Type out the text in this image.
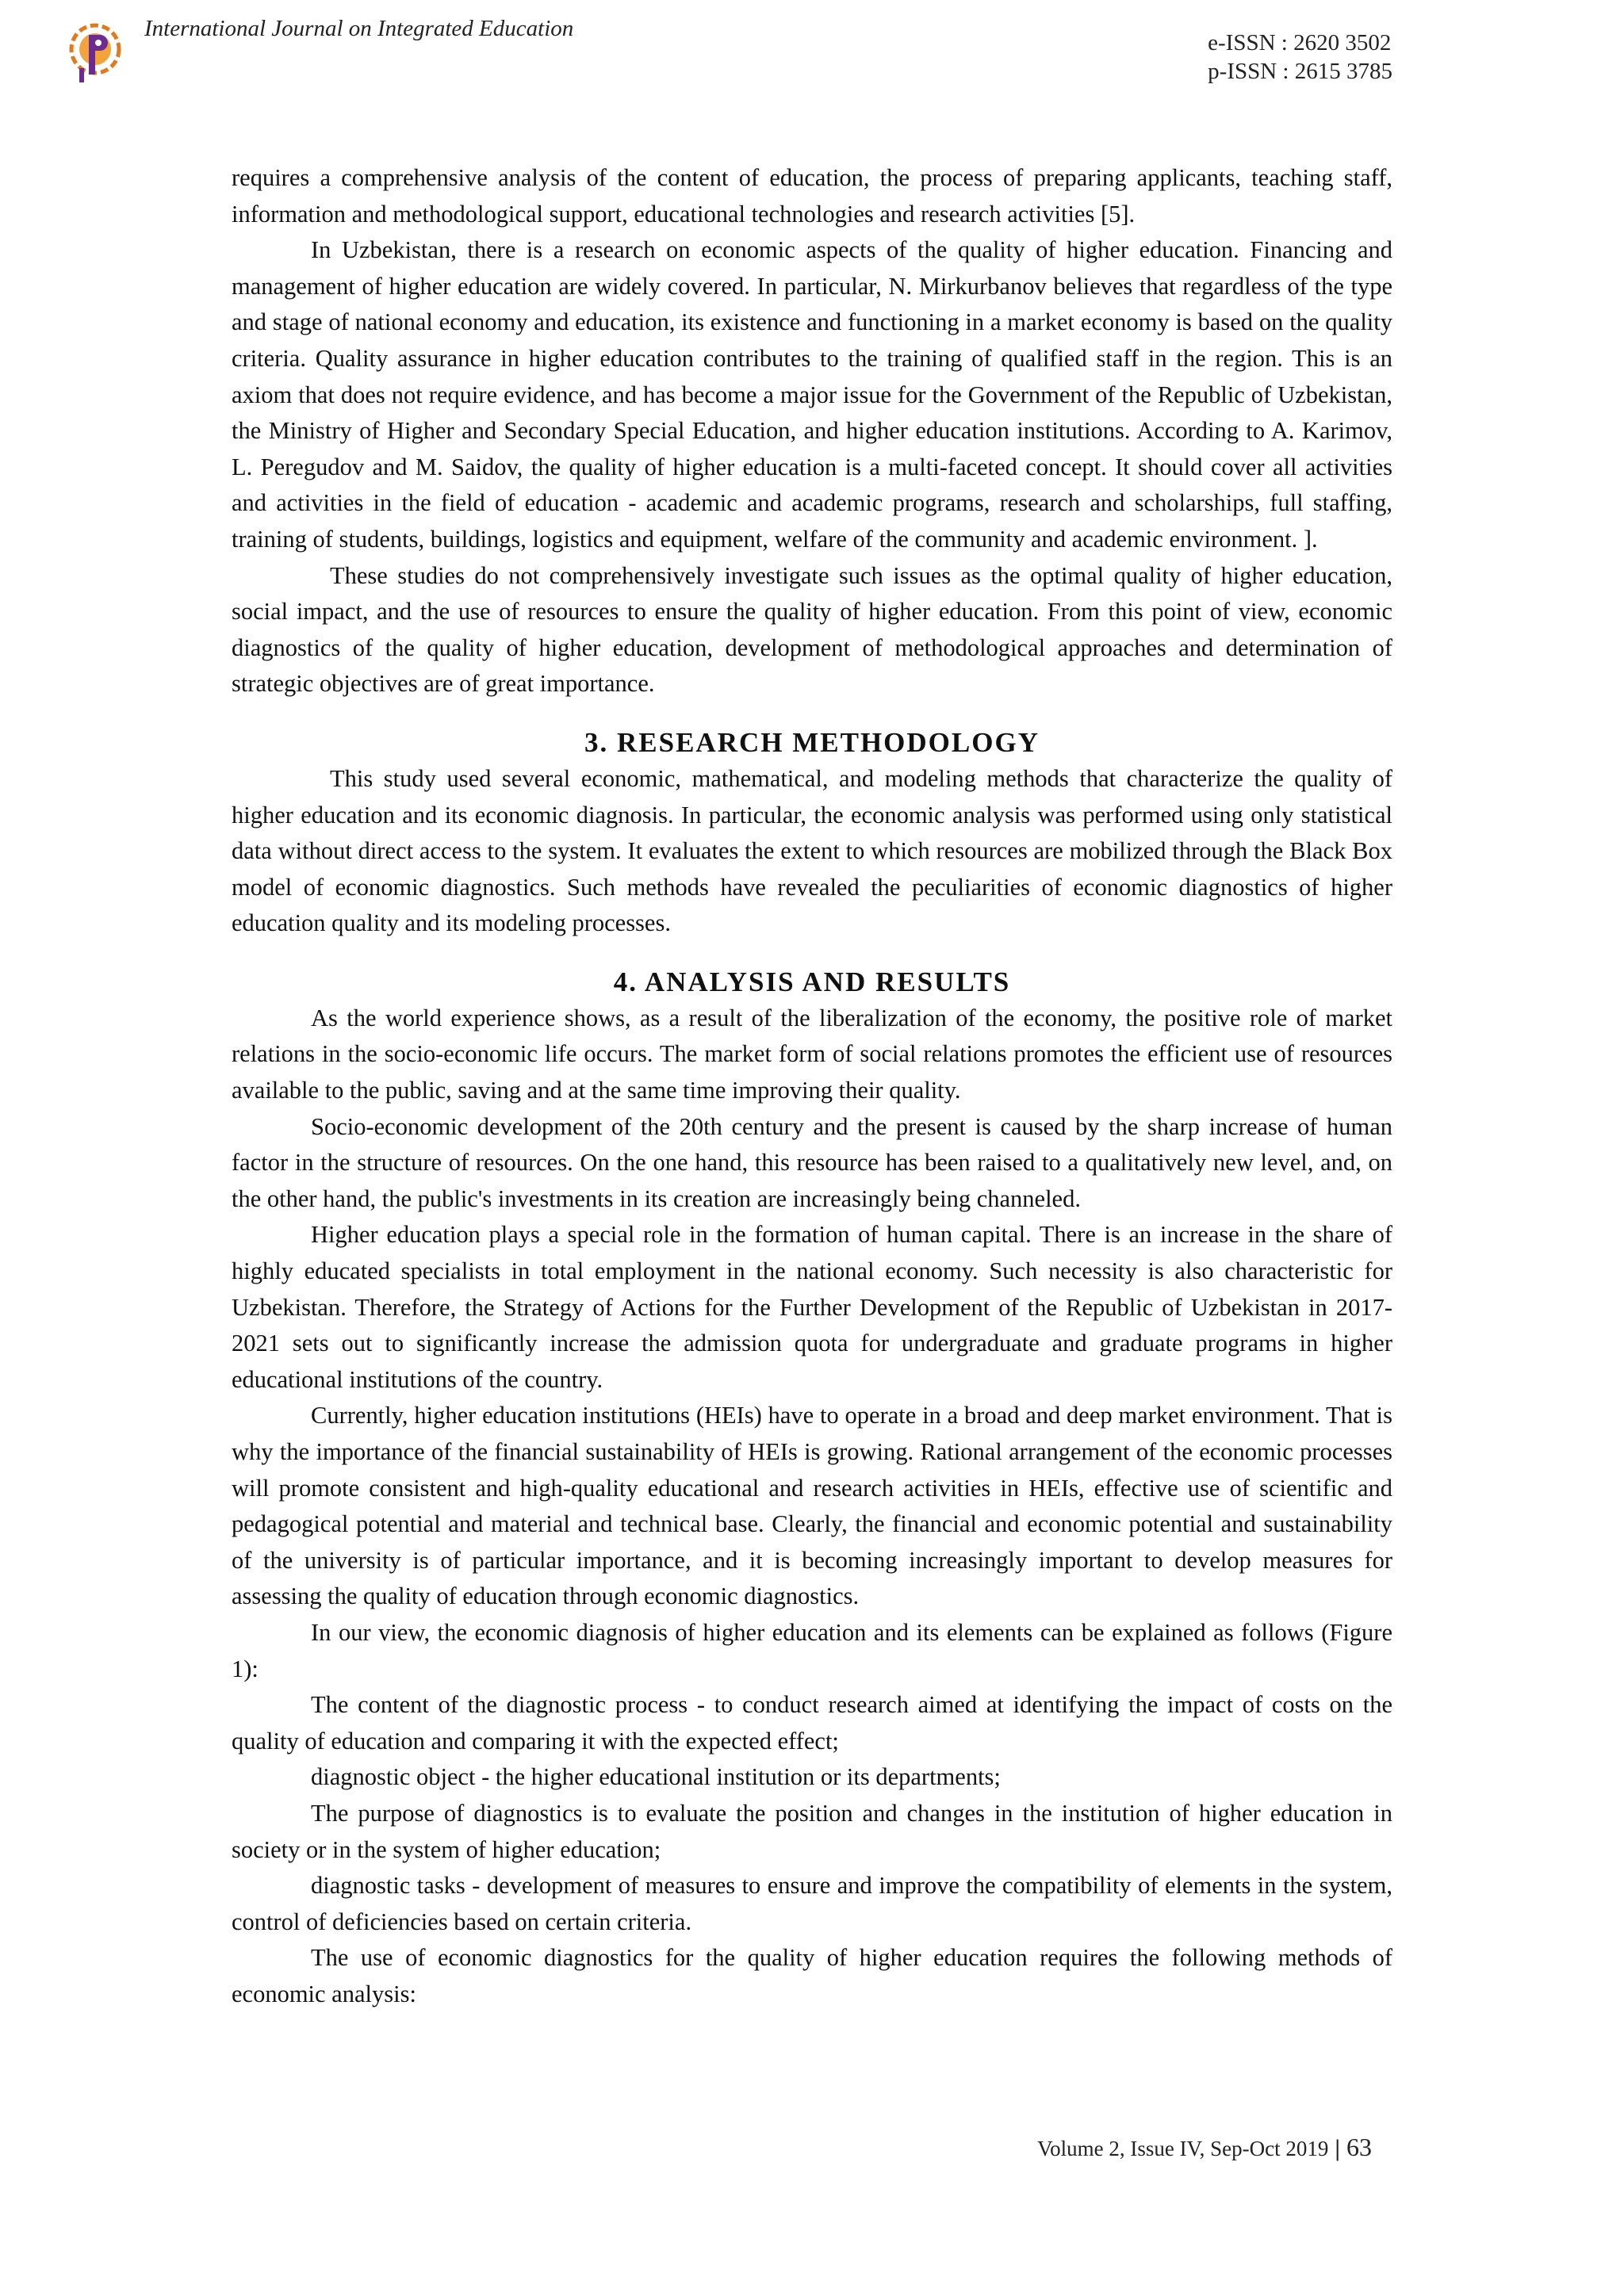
International Journal on Integrated Education
e-ISSN : 2620 3502
p-ISSN : 2615 3785

requires a comprehensive analysis of the content of education, the process of preparing applicants, teaching staff, information and methodological support, educational technologies and research activities [5].

In Uzbekistan, there is a research on economic aspects of the quality of higher education. Financing and management of higher education are widely covered. In particular, N. Mirkurbanov believes that regardless of the type and stage of national economy and education, its existence and functioning in a market economy is based on the quality criteria. Quality assurance in higher education contributes to the training of qualified staff in the region. This is an axiom that does not require evidence, and has become a major issue for the Government of the Republic of Uzbekistan, the Ministry of Higher and Secondary Special Education, and higher education institutions. According to A. Karimov, L. Peregudov and M. Saidov, the quality of higher education is a multi-faceted concept. It should cover all activities and activities in the field of education - academic and academic programs, research and scholarships, full staffing, training of students, buildings, logistics and equipment, welfare of the community and academic environment. ].

These studies do not comprehensively investigate such issues as the optimal quality of higher education, social impact, and the use of resources to ensure the quality of higher education. From this point of view, economic diagnostics of the quality of higher education, development of methodological approaches and determination of strategic objectives are of great importance.

3. RESEARCH METHODOLOGY

This study used several economic, mathematical, and modeling methods that characterize the quality of higher education and its economic diagnosis. In particular, the economic analysis was performed using only statistical data without direct access to the system. It evaluates the extent to which resources are mobilized through the Black Box model of economic diagnostics. Such methods have revealed the peculiarities of economic diagnostics of higher education quality and its modeling processes.

4. ANALYSIS AND RESULTS

As the world experience shows, as a result of the liberalization of the economy, the positive role of market relations in the socio-economic life occurs. The market form of social relations promotes the efficient use of resources available to the public, saving and at the same time improving their quality.

Socio-economic development of the 20th century and the present is caused by the sharp increase of human factor in the structure of resources. On the one hand, this resource has been raised to a qualitatively new level, and, on the other hand, the public's investments in its creation are increasingly being channeled.

Higher education plays a special role in the formation of human capital. There is an increase in the share of highly educated specialists in total employment in the national economy. Such necessity is also characteristic for Uzbekistan. Therefore, the Strategy of Actions for the Further Development of the Republic of Uzbekistan in 2017-2021 sets out to significantly increase the admission quota for undergraduate and graduate programs in higher educational institutions of the country.

Currently, higher education institutions (HEIs) have to operate in a broad and deep market environment. That is why the importance of the financial sustainability of HEIs is growing. Rational arrangement of the economic processes will promote consistent and high-quality educational and research activities in HEIs, effective use of scientific and pedagogical potential and material and technical base. Clearly, the financial and economic potential and sustainability of the university is of particular importance, and it is becoming increasingly important to develop measures for assessing the quality of education through economic diagnostics.

In our view, the economic diagnosis of higher education and its elements can be explained as follows (Figure 1):

The content of the diagnostic process - to conduct research aimed at identifying the impact of costs on the quality of education and comparing it with the expected effect;

diagnostic object - the higher educational institution or its departments;

The purpose of diagnostics is to evaluate the position and changes in the institution of higher education in society or in the system of higher education;

diagnostic tasks - development of measures to ensure and improve the compatibility of elements in the system, control of deficiencies based on certain criteria.

The use of economic diagnostics for the quality of higher education requires the following methods of economic analysis:

Volume 2, Issue IV, Sep-Oct 2019 | 63
